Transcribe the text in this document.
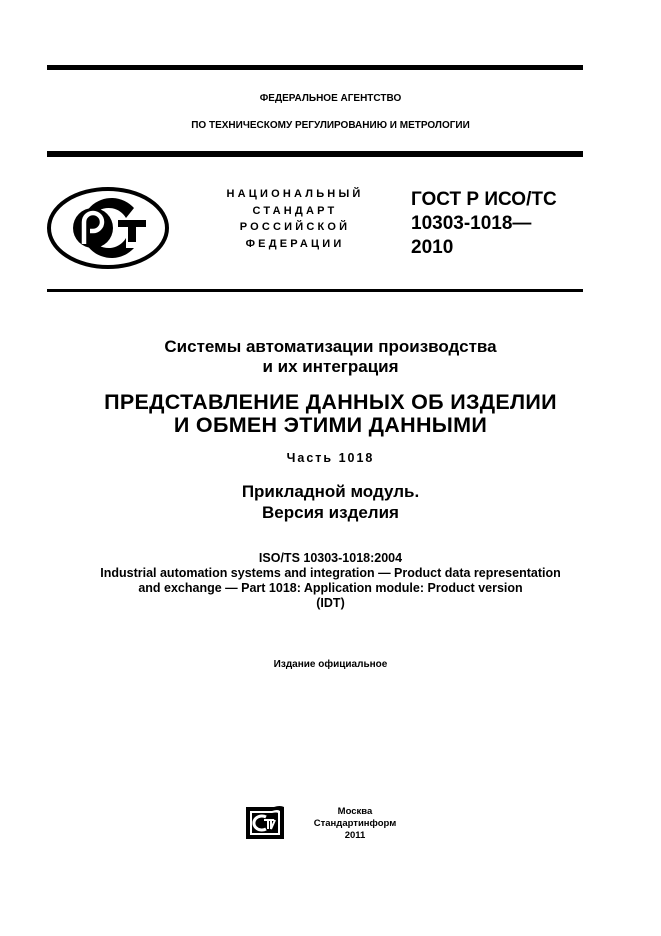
ФЕДЕРАЛЬНОЕ АГЕНТСТВО
ПО ТЕХНИЧЕСКОМУ РЕГУЛИРОВАНИЮ И МЕТРОЛОГИИ
НАЦИОНАЛЬНЫЙ
СТАНДАРТ
РОССИЙСКОЙ
ФЕДЕРАЦИИ
ГОСТ Р ИСО/ТС
10303-1018—
2010
Системы автоматизации производства
и их интеграция
ПРЕДСТАВЛЕНИЕ ДАННЫХ ОБ ИЗДЕЛИИ
И ОБМЕН ЭТИМИ ДАННЫМИ
Часть 1018
Прикладной модуль.
Версия изделия
ISO/TS 10303-1018:2004
Industrial automation systems and integration — Product data representation
and exchange — Part 1018: Application module: Product version
(IDT)
Издание официальное
Москва
Стандартинформ
2011
